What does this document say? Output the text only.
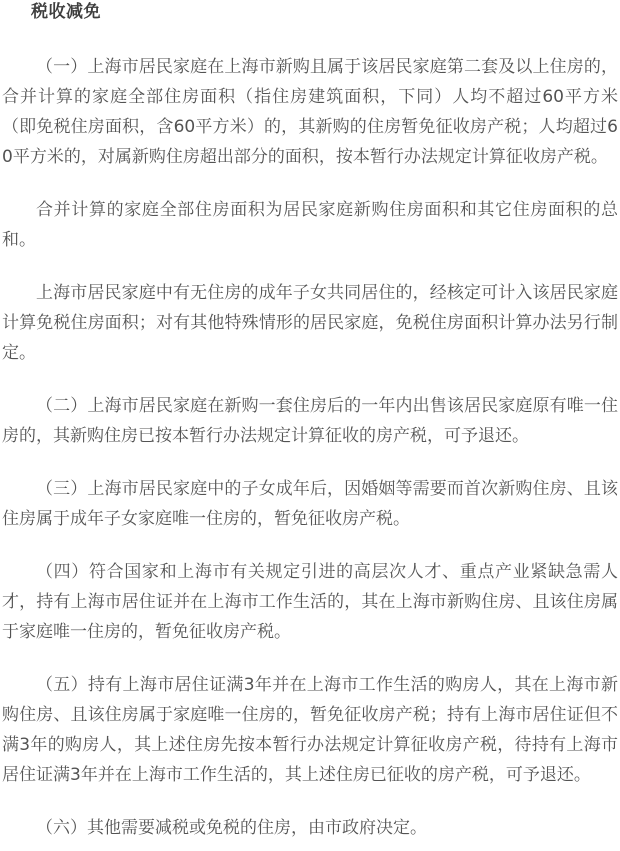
税收减免

（一）上海市居民家庭在上海市新购且属于该居民家庭第二套及以上住房的，合并计算的家庭全部住房面积（指住房建筑面积，下同）人均不超过60平方米（即免税住房面积，含60平方米）的，其新购的住房暂免征收房产税；人均超过60平方米的，对属新购住房超出部分的面积，按本暂行办法规定计算征收房产税。

合并计算的家庭全部住房面积为居民家庭新购住房面积和其它住房面积的总和。

上海市居民家庭中有无住房的成年子女共同居住的，经核定可计入该居民家庭计算免税住房面积；对有其他特殊情形的居民家庭，免税住房面积计算办法另行制定。

（二）上海市居民家庭在新购一套住房后的一年内出售该居民家庭原有唯一住房的，其新购住房已按本暂行办法规定计算征收的房产税，可予退还。

（三）上海市居民家庭中的子女成年后，因婚姻等需要而首次新购住房、且该住房属于成年子女家庭唯一住房的，暂免征收房产税。

（四）符合国家和上海市有关规定引进的高层次人才、重点产业紧缺急需人才，持有上海市居住证并在上海市工作生活的，其在上海市新购住房、且该住房属于家庭唯一住房的，暂免征收房产税。

（五）持有上海市居住证满3年并在上海市工作生活的购房人，其在上海市新购住房、且该住房属于家庭唯一住房的，暂免征收房产税；持有上海市居住证但不满3年的购房人，其上述住房先按本暂行办法规定计算征收房产税，待持有上海市居住证满3年并在上海市工作生活的，其上述住房已征收的房产税，可予退还。

（六）其他需要减税或免税的住房，由市政府决定。
